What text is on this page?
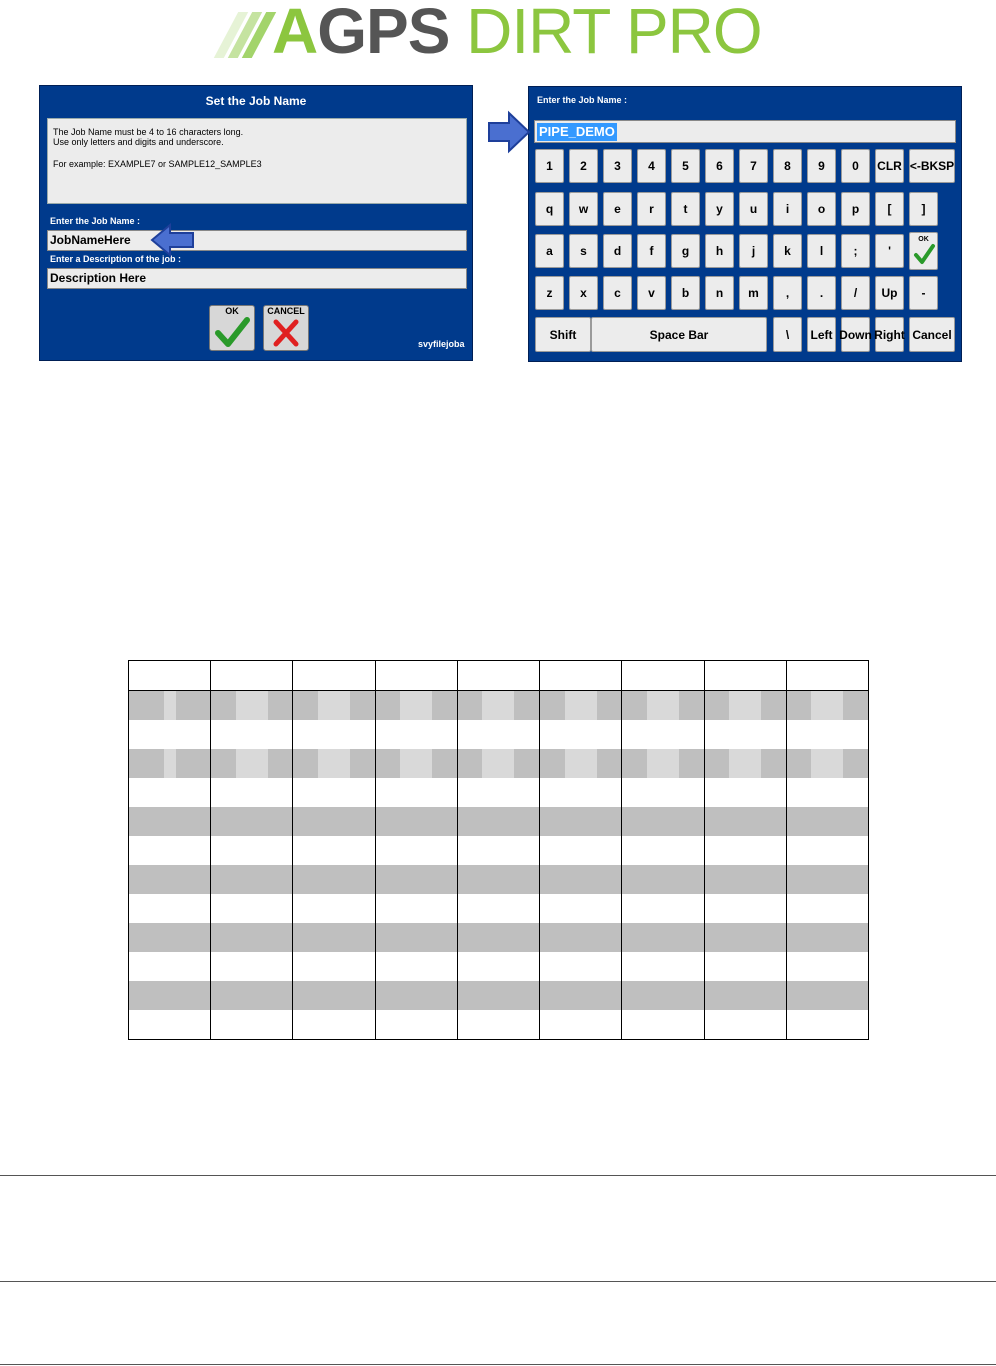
AGPS DIRT PRO
Set the Job Name
The Job Name must be 4 to 16 characters long.
Use only letters and digits and underscore.
For example: EXAMPLE7 or SAMPLE12_SAMPLE3
Enter the Job Name :
JobNameHere
Enter a Description of the job :
Description Here
OK	CANCEL
svyfilejoba
Enter the Job Name :
PIPE_DEMO
1	2	3	4	5	6	7	8	9	0	CLR <-BKSP
q	w	e	r	t	y	u	i	o	p	[	]
a	s	d	f	g	h	j	k	l	;	'
OK
z	x	c	v	b	n	m	,	.	/	Up	-
Shift	Space Bar	\	Left Down Right Cancel
